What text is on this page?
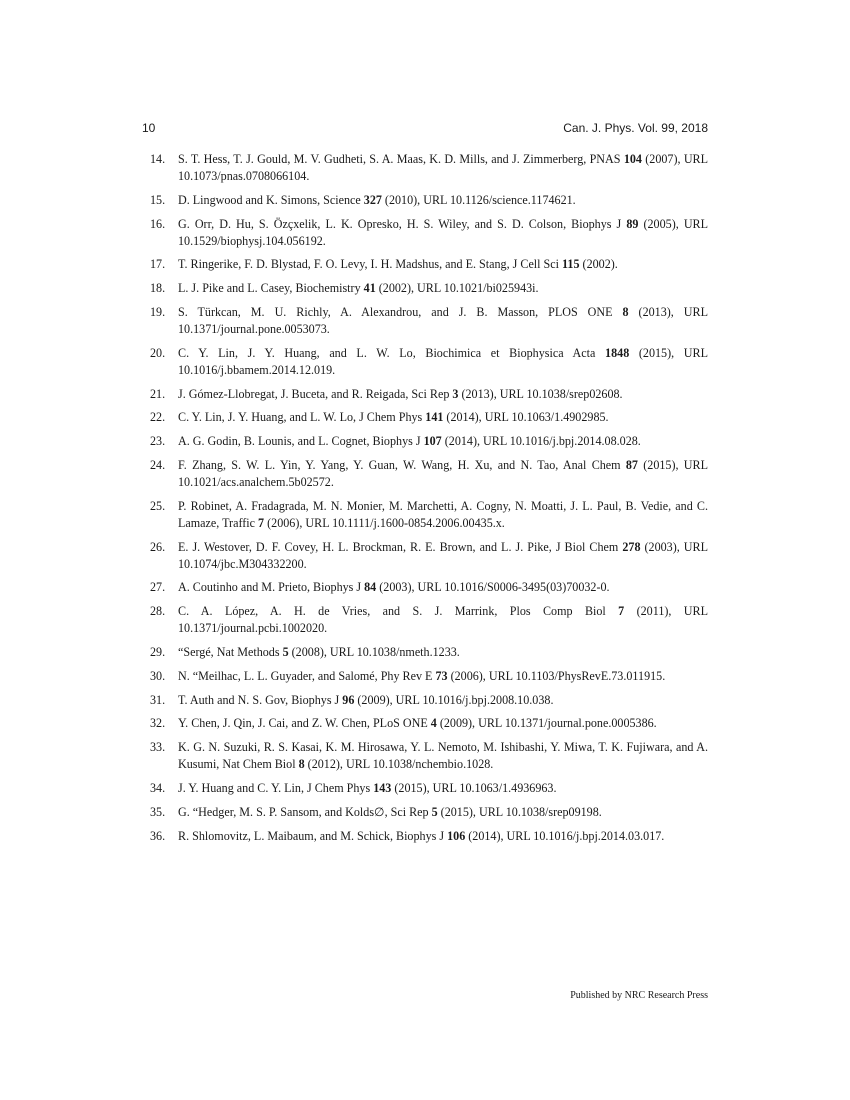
10	Can. J. Phys. Vol. 99, 2018
14. S. T. Hess, T. J. Gould, M. V. Gudheti, S. A. Maas, K. D. Mills, and J. Zimmerberg, PNAS 104 (2007), URL 10.1073/pnas.0708066104.
15. D. Lingwood and K. Simons, Science 327 (2010), URL 10.1126/science.1174621.
16. G. Orr, D. Hu, S. Özçxelik, L. K. Opresko, H. S. Wiley, and S. D. Colson, Biophys J 89 (2005), URL 10.1529/biophysj.104.056192.
17. T. Ringerike, F. D. Blystad, F. O. Levy, I. H. Madshus, and E. Stang, J Cell Sci 115 (2002).
18. L. J. Pike and L. Casey, Biochemistry 41 (2002), URL 10.1021/bi025943i.
19. S. Türkcan, M. U. Richly, A. Alexandrou, and J. B. Masson, PLOS ONE 8 (2013), URL 10.1371/journal.pone.0053073.
20. C. Y. Lin, J. Y. Huang, and L. W. Lo, Biochimica et Biophysica Acta 1848 (2015), URL 10.1016/j.bbamem.2014.12.019.
21. J. Gómez-Llobregat, J. Buceta, and R. Reigada, Sci Rep 3 (2013), URL 10.1038/srep02608.
22. C. Y. Lin, J. Y. Huang, and L. W. Lo, J Chem Phys 141 (2014), URL 10.1063/1.4902985.
23. A. G. Godin, B. Lounis, and L. Cognet, Biophys J 107 (2014), URL 10.1016/j.bpj.2014.08.028.
24. F. Zhang, S. W. L. Yin, Y. Yang, Y. Guan, W. Wang, H. Xu, and N. Tao, Anal Chem 87 (2015), URL 10.1021/acs.analchem.5b02572.
25. P. Robinet, A. Fradagrada, M. N. Monier, M. Marchetti, A. Cogny, N. Moatti, J. L. Paul, B. Vedie, and C. Lamaze, Traffic 7 (2006), URL 10.1111/j.1600-0854.2006.00435.x.
26. E. J. Westover, D. F. Covey, H. L. Brockman, R. E. Brown, and L. J. Pike, J Biol Chem 278 (2003), URL 10.1074/jbc.M304332200.
27. A. Coutinho and M. Prieto, Biophys J 84 (2003), URL 10.1016/S0006-3495(03)70032-0.
28. C. A. López, A. H. de Vries, and S. J. Marrink, Plos Comp Biol 7 (2011), URL 10.1371/journal.pcbi.1002020.
29. “Sergé, Nat Methods 5 (2008), URL 10.1038/nmeth.1233.
30. N. “Meilhac, L. L. Guyader, and Salomé, Phy Rev E 73 (2006), URL 10.1103/PhysRevE.73.011915.
31. T. Auth and N. S. Gov, Biophys J 96 (2009), URL 10.1016/j.bpj.2008.10.038.
32. Y. Chen, J. Qin, J. Cai, and Z. W. Chen, PLoS ONE 4 (2009), URL 10.1371/journal.pone.0005386.
33. K. G. N. Suzuki, R. S. Kasai, K. M. Hirosawa, Y. L. Nemoto, M. Ishibashi, Y. Miwa, T. K. Fujiwara, and A. Kusumi, Nat Chem Biol 8 (2012), URL 10.1038/nchembio.1028.
34. J. Y. Huang and C. Y. Lin, J Chem Phys 143 (2015), URL 10.1063/1.4936963.
35. G. “Hedger, M. S. P. Sansom, and Kolds∅, Sci Rep 5 (2015), URL 10.1038/srep09198.
36. R. Shlomovitz, L. Maibaum, and M. Schick, Biophys J 106 (2014), URL 10.1016/j.bpj.2014.03.017.
Published by NRC Research Press
